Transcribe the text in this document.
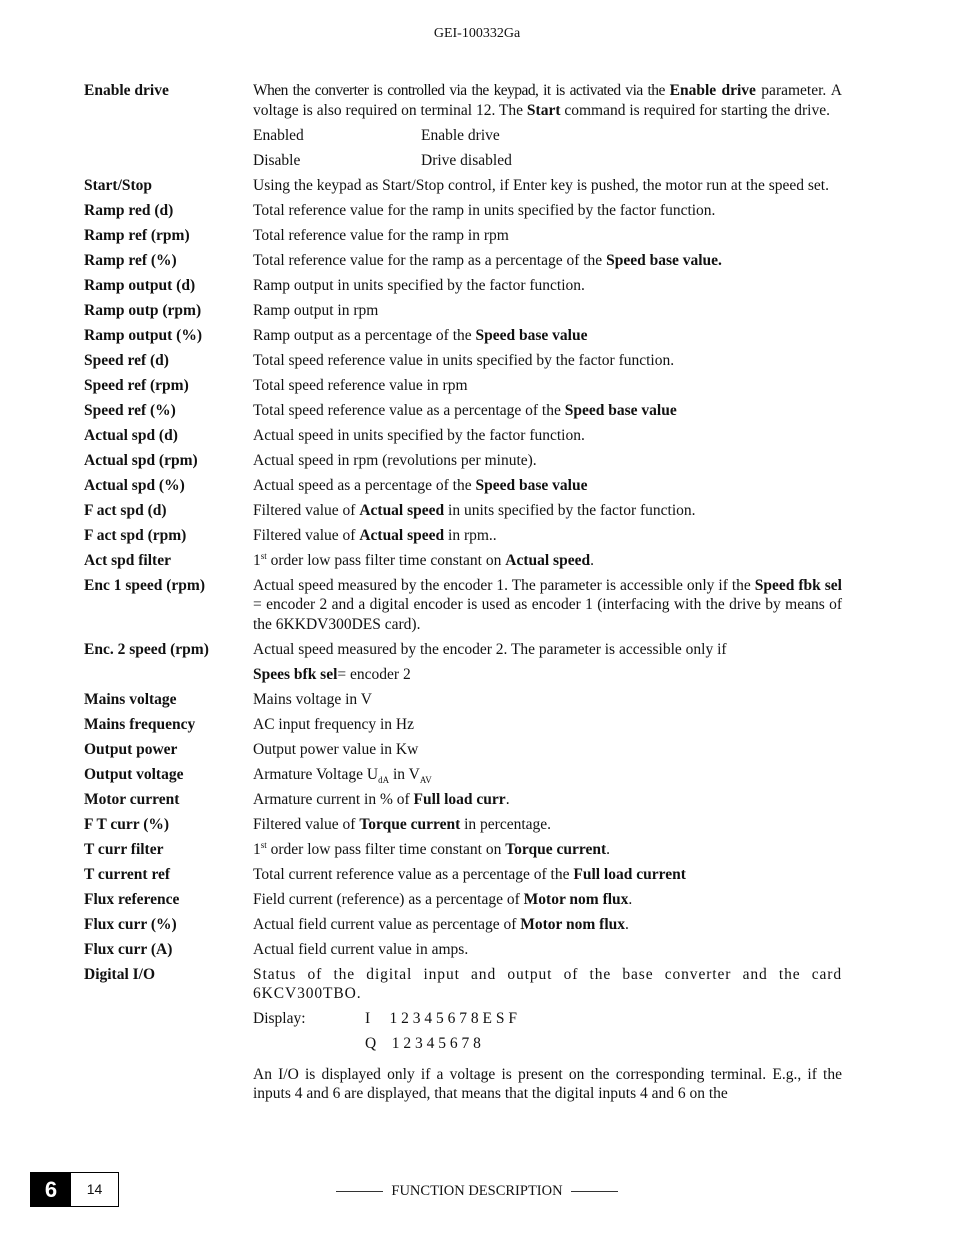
GEI-100332Ga
Enable drive	When the converter is controlled via the keypad, it is activated via the Enable drive parameter. A voltage is also required on terminal 12. The Start command is required for starting the drive.
Enabled	Enable drive
Disable	Drive disabled
Start/Stop	Using the keypad as Start/Stop control, if Enter key is pushed, the motor run at the speed set.
Ramp red (d)	Total reference value for the ramp in units specified by the factor function.
Ramp ref (rpm)	Total reference value for the ramp in rpm
Ramp ref (%)	Total reference value for the ramp as a percentage of the Speed base value.
Ramp output (d)	Ramp output in units specified by the factor function.
Ramp outp (rpm)	Ramp output in rpm
Ramp output (%)	Ramp output as a percentage of the Speed base value
Speed ref (d)	Total speed reference value in units specified by the factor function.
Speed ref (rpm)	Total speed reference value in rpm
Speed ref (%)	Total speed reference value as a percentage of the Speed base value
Actual spd (d)	Actual speed in units specified by the factor function.
Actual spd (rpm)	Actual speed in rpm (revolutions per minute).
Actual spd (%)	Actual speed as a percentage of the Speed base value
F act spd (d)	Filtered value of Actual speed in units specified by the factor function.
F act spd (rpm)	Filtered value of Actual speed in rpm..
Act spd filter	1st order low pass filter time constant on Actual speed.
Enc 1 speed (rpm)	Actual speed measured by the encoder 1. The parameter is accessible only if the Speed fbk sel = encoder 2 and a digital encoder is used as encoder 1 (interfacing with the drive by means of the 6KKDV300DES card).
Enc. 2 speed (rpm)	Actual speed measured by the encoder 2. The parameter is accessible only if
Spees bfk sel = encoder 2
Mains voltage	Mains voltage in V
Mains frequency	AC input frequency in Hz
Output power	Output power value in Kw
Output voltage	Armature Voltage $U_{dA}$ in $V_{AV}$
Motor current	Armature current in % of Full load curr.
F T curr (%)	Filtered value of Torque current in percentage.
T curr filter	1st order low pass filter time constant on Torque current.
T current ref	Total current reference value as a percentage of the Full load current
Flux reference	Field current (reference) as a percentage of Motor nom flux.
Flux curr (%)	Actual field current value as percentage of Motor nom flux.
Flux curr (A)	Actual field current value in amps.
Digital I/O	Status of the digital input and output of the base converter and the card 6KCV300TBO.
Display:	I     1 2 3 4 5 6 7 8 E S F
Q    1 2 3 4 5 6 7 8
An I/O is displayed only if a voltage is present on the corresponding terminal. E.g., if the inputs 4 and 6 are displayed, that means that the digital inputs 4 and 6 on the
6	14	FUNCTION DESCRIPTION
